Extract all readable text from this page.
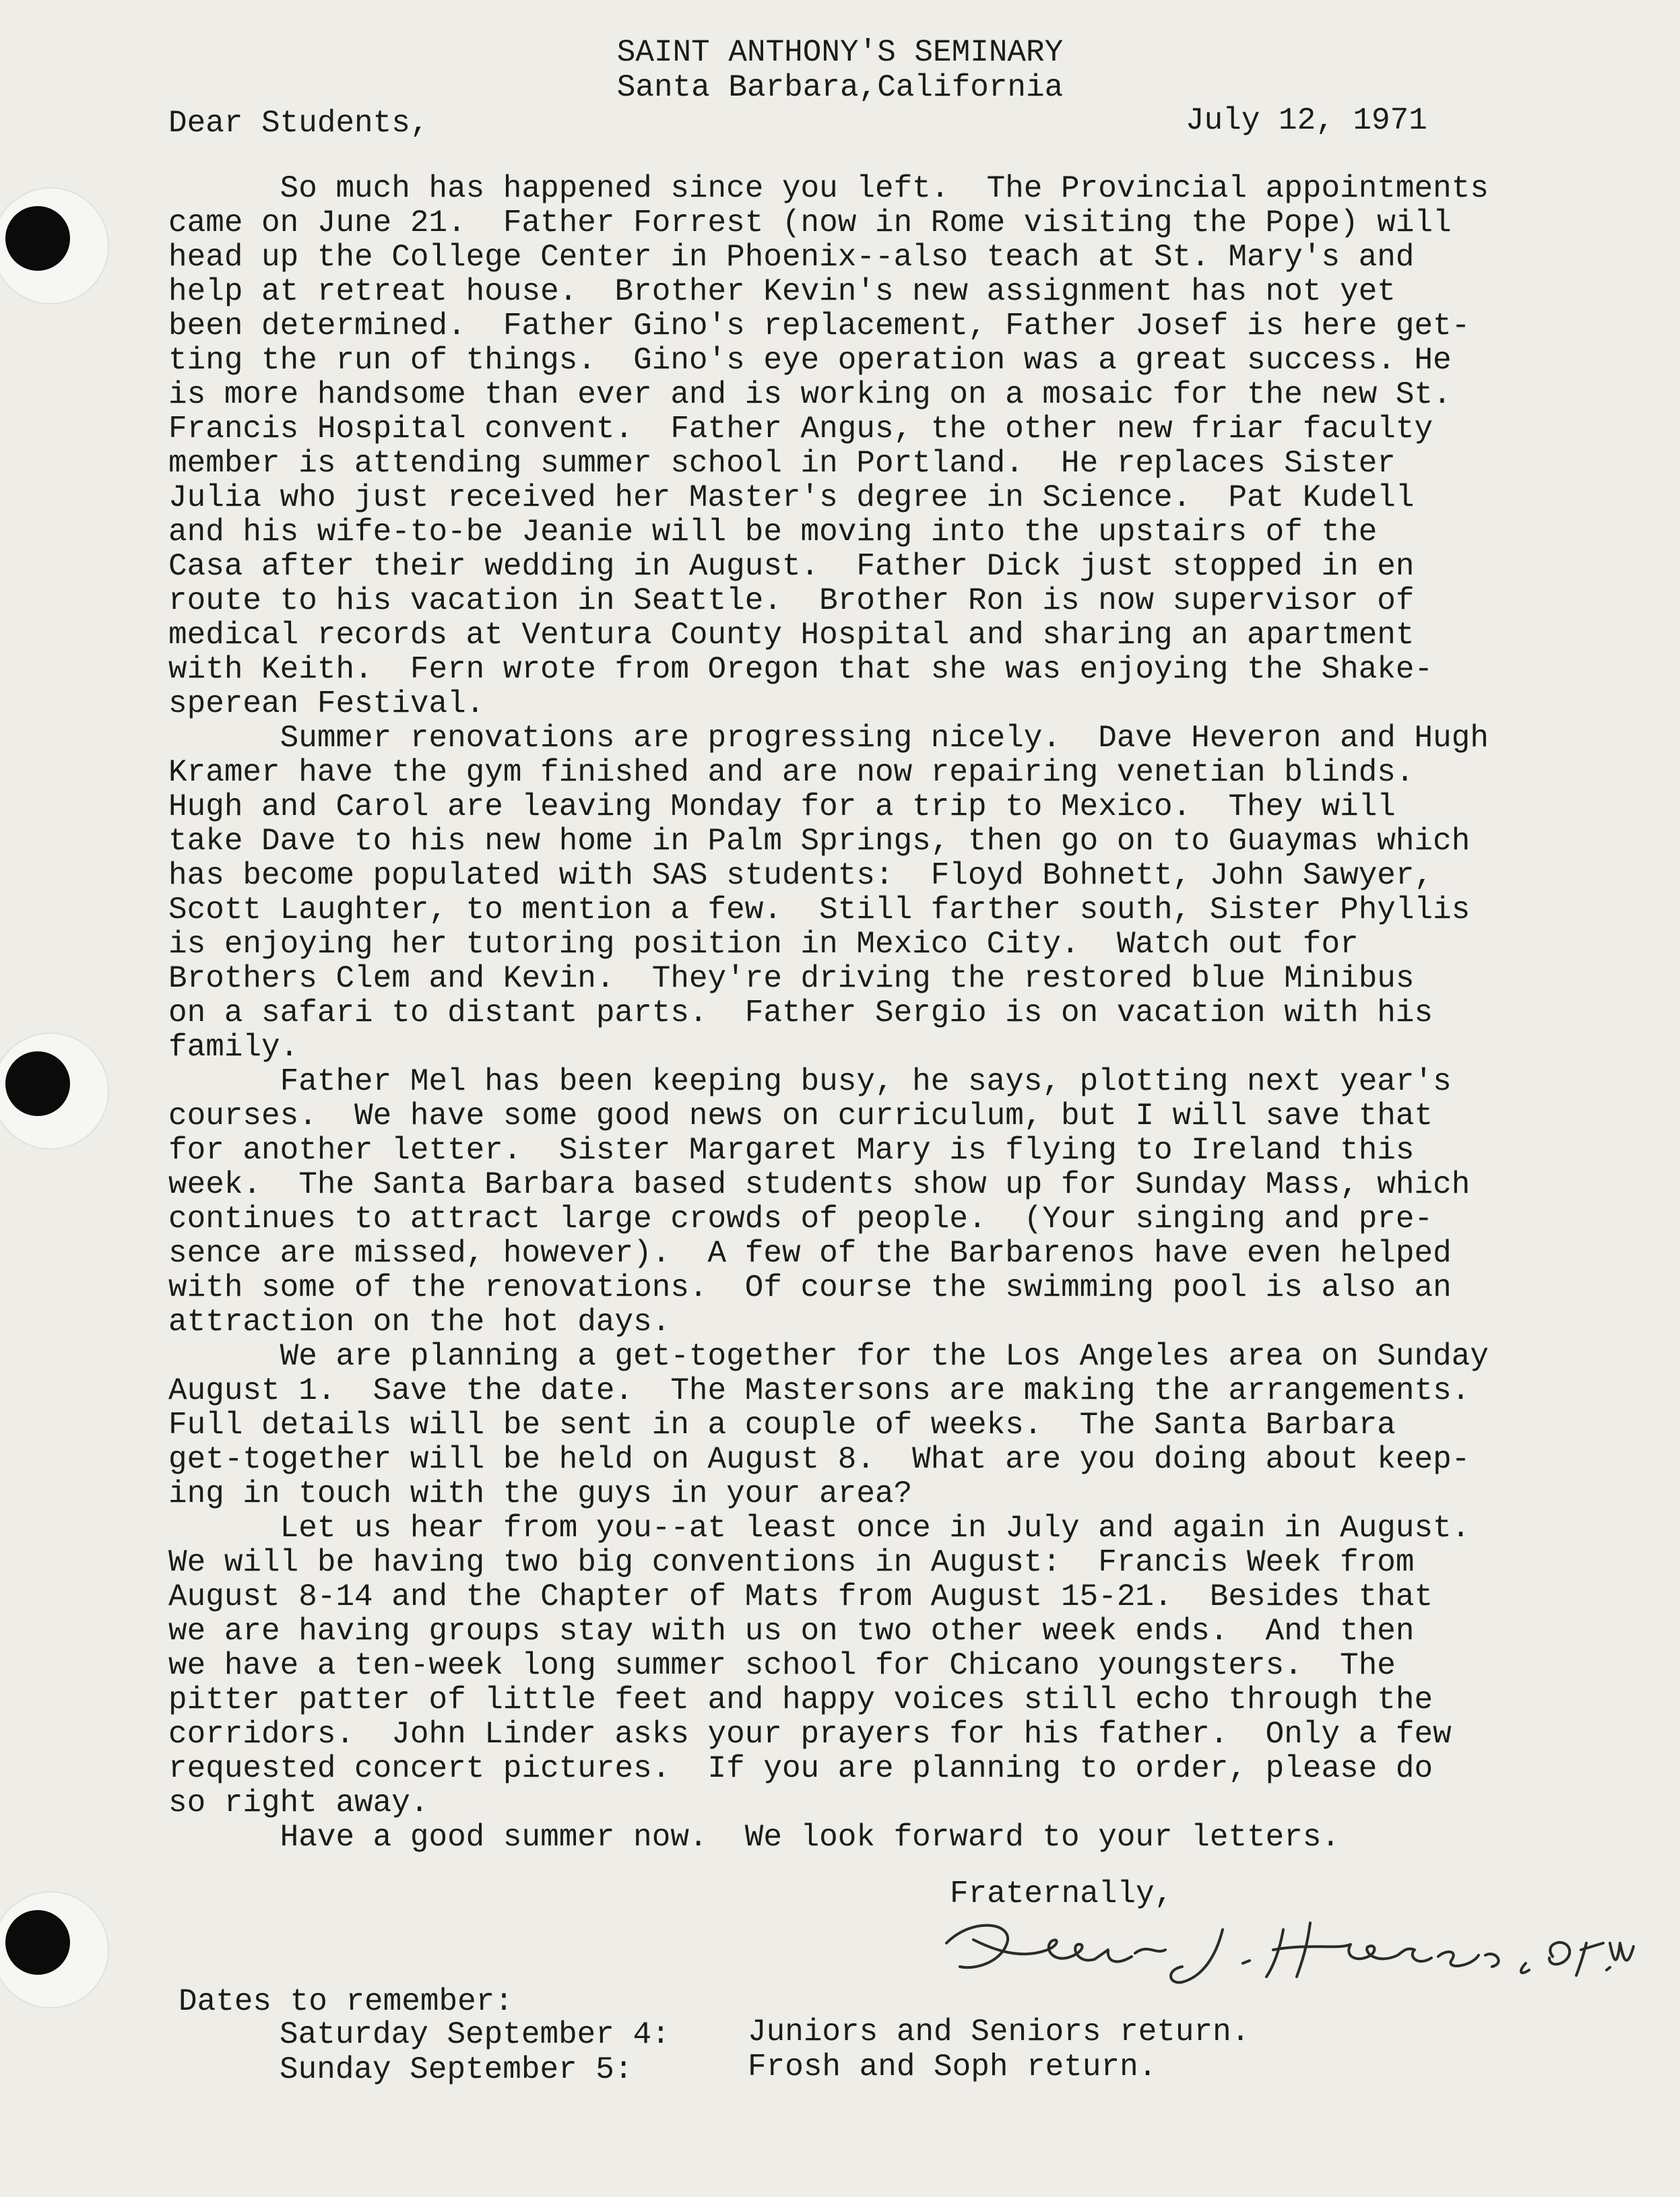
SAINT ANTHONY'S SEMINARY
Santa Barbara,California
Dear Students,	July 12, 1971
So much has happened since you left.  The Provincial appointments
came on June 21.  Father Forrest (now in Rome visiting the Pope) will
head up the College Center in Phoenix--also teach at St. Mary's and
help at retreat house.  Brother Kevin's new assignment has not yet
been determined.  Father Gino's replacement, Father Josef is here get-
ting the run of things.  Gino's eye operation was a great success. He
is more handsome than ever and is working on a mosaic for the new St.
Francis Hospital convent.  Father Angus, the other new friar faculty
member is attending summer school in Portland.  He replaces Sister
Julia who just received her Master's degree in Science.  Pat Kudell
and his wife-to-be Jeanie will be moving into the upstairs of the
Casa after their wedding in August.  Father Dick just stopped in en
route to his vacation in Seattle.  Brother Ron is now supervisor of
medical records at Ventura County Hospital and sharing an apartment
with Keith.  Fern wrote from Oregon that she was enjoying the Shake-
sperean Festival.
Summer renovations are progressing nicely.  Dave Heveron and Hugh
Kramer have the gym finished and are now repairing venetian blinds.
Hugh and Carol are leaving Monday for a trip to Mexico.  They will
take Dave to his new home in Palm Springs, then go on to Guaymas which
has become populated with SAS students:  Floyd Bohnett, John Sawyer,
Scott Laughter, to mention a few.  Still farther south, Sister Phyllis
is enjoying her tutoring position in Mexico City.  Watch out for
Brothers Clem and Kevin.  They're driving the restored blue Minibus
on a safari to distant parts.  Father Sergio is on vacation with his
family.
Father Mel has been keeping busy, he says, plotting next year's
courses.  We have some good news on curriculum, but I will save that
for another letter.  Sister Margaret Mary is flying to Ireland this
week.  The Santa Barbara based students show up for Sunday Mass, which
continues to attract large crowds of people.  (Your singing and pre-
sence are missed, however).  A few of the Barbarenos have even helped
with some of the renovations.  Of course the swimming pool is also an
attraction on the hot days.
We are planning a get-together for the Los Angeles area on Sunday
August 1.  Save the date.  The Mastersons are making the arrangements.
Full details will be sent in a couple of weeks.  The Santa Barbara
get-together will be held on August 8.  What are you doing about keep-
ing in touch with the guys in your area?
Let us hear from you--at least once in July and again in August.
We will be having two big conventions in August:  Francis Week from
August 8-14 and the Chapter of Mats from August 15-21.  Besides that
we are having groups stay with us on two other week ends.  And then
we have a ten-week long summer school for Chicano youngsters.  The
pitter patter of little feet and happy voices still echo through the
corridors.  John Linder asks your prayers for his father.  Only a few
requested concert pictures.  If you are planning to order, please do
so right away.
Have a good summer now.  We look forward to your letters.
Fraternally,
Dates to remember:
Saturday September 4:	Juniors and Seniors return.
Sunday September 5:	Frosh and Soph return.
